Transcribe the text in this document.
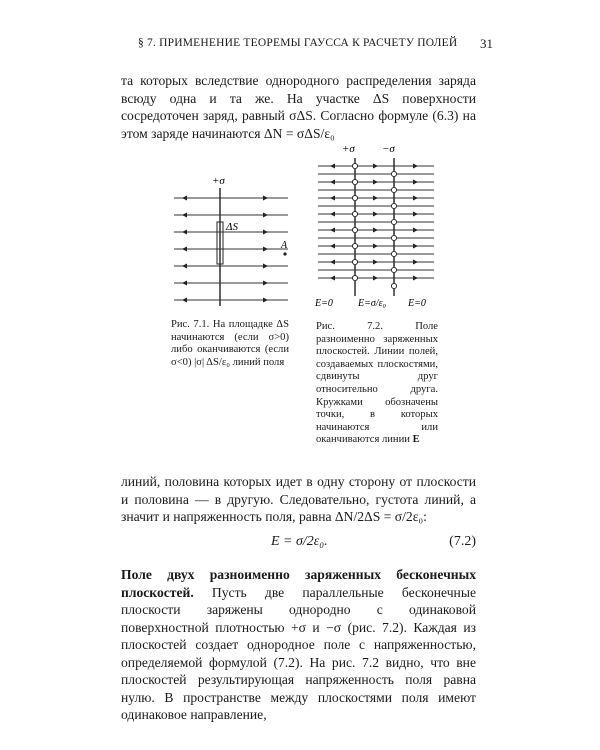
§ 7. ПРИМЕНЕНИЕ ТЕОРЕМЫ ГАУССА К РАСЧЕТУ ПОЛЕЙ	31
та которых вследствие однородного распределения заряда всюду одна и та же. На участке ΔS поверхности сосредоточен заряд, равный σΔS. Согласно формуле (6.3) на этом заряде начинаются ΔN = σΔS/ε₀
+σ
ΔS
A
+σ −σ
E=0	E=σ/ε₀ E=0
Рис. 7.1. На площадке ΔS начинаются (если σ>0) либо оканчиваются (если σ<0) |σ| ΔS/ε₀ линий поля
Рис. 7.2. Поле разноименно заряженных плоскостей. Линии полей, создаваемых плоскостями, сдвинуты друг относительно друга. Кружками обозначены точки, в которых начинаются или оканчиваются линии E
линий, половина которых идет в одну сторону от плоскости и половина — в другую. Следовательно, густота линий, а значит и напряженность поля, равна ΔN/2ΔS = σ/2ε₀:
E = σ/2ε₀.	(7.2)
Поле двух разноименно заряженных бесконечных плоскостей. Пусть две параллельные бесконечные плоскости заряжены однородно с одинаковой поверхностной плотностью +σ и −σ (рис. 7.2). Каждая из плоскостей создает однородное поле с напряженностью, определяемой формулой (7.2). На рис. 7.2 видно, что вне плоскостей результирующая напряженность поля равна нулю. В пространстве между плоскостями поля имеют одинаковое направление,
